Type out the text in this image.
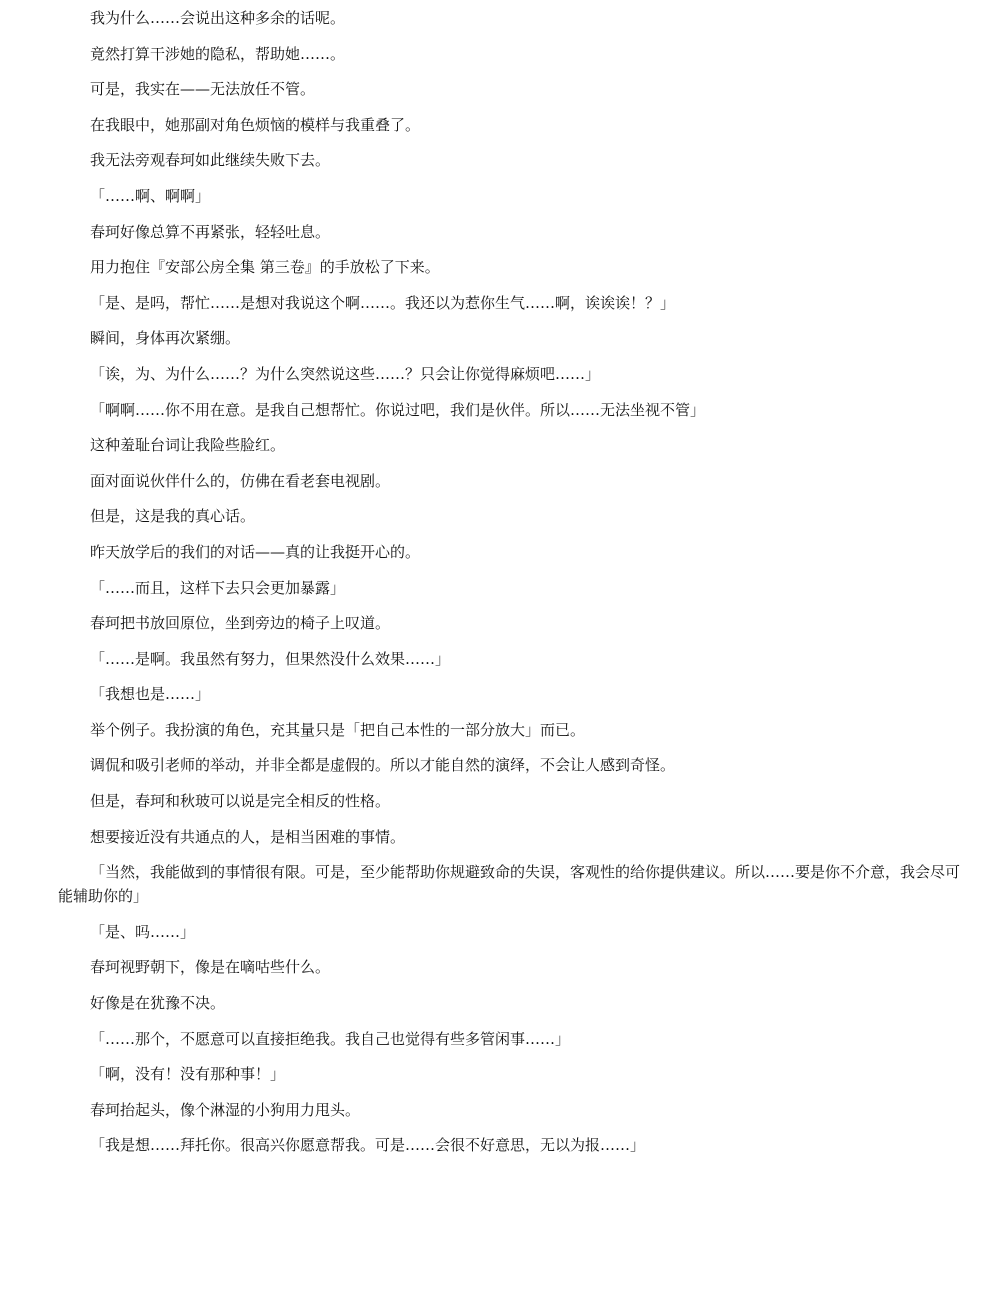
我为什么……会说出这种多余的话呢。

竟然打算干涉她的隐私，帮助她……。

可是，我实在——无法放任不管。

在我眼中，她那副对角色烦恼的模样与我重叠了。

我无法旁观春珂如此继续失败下去。

「……啊、啊啊」

春珂好像总算不再紧张，轻轻吐息。

用力抱住『安部公房全集 第三卷』的手放松了下来。

「是、是吗，帮忙……是想对我说这个啊……。我还以为惹你生气……啊，诶诶诶！？」

瞬间，身体再次紧绷。

「诶，为、为什么……？为什么突然说这些……？只会让你觉得麻烦吧……」

「啊啊……你不用在意。是我自己想帮忙。你说过吧，我们是伙伴。所以……无法坐视不管」

这种羞耻台词让我险些脸红。

面对面说伙伴什么的，仿佛在看老套电视剧。

但是，这是我的真心话。

昨天放学后的我们的对话——真的让我挺开心的。

「……而且，这样下去只会更加暴露」

春珂把书放回原位，坐到旁边的椅子上叹道。

「……是啊。我虽然有努力，但果然没什么效果……」

「我想也是……」

举个例子。我扮演的角色，充其量只是「把自己本性的一部分放大」而已。

调侃和吸引老师的举动，并非全都是虚假的。所以才能自然的演绎，不会让人感到奇怪。

但是，春珂和秋玻可以说是完全相反的性格。

想要接近没有共通点的人，是相当困难的事情。

「当然，我能做到的事情很有限。可是，至少能帮助你规避致命的失误，客观性的给你提供建议。所以……要是你不介意，我会尽可能辅助你的」

「是、吗……」

春珂视野朝下，像是在嘀咕些什么。

好像是在犹豫不决。

「……那个，不愿意可以直接拒绝我。我自己也觉得有些多管闲事……」

「啊，没有！没有那种事！」

春珂抬起头，像个淋湿的小狗用力甩头。

「我是想……拜托你。很高兴你愿意帮我。可是……会很不好意思，无以为报……」
